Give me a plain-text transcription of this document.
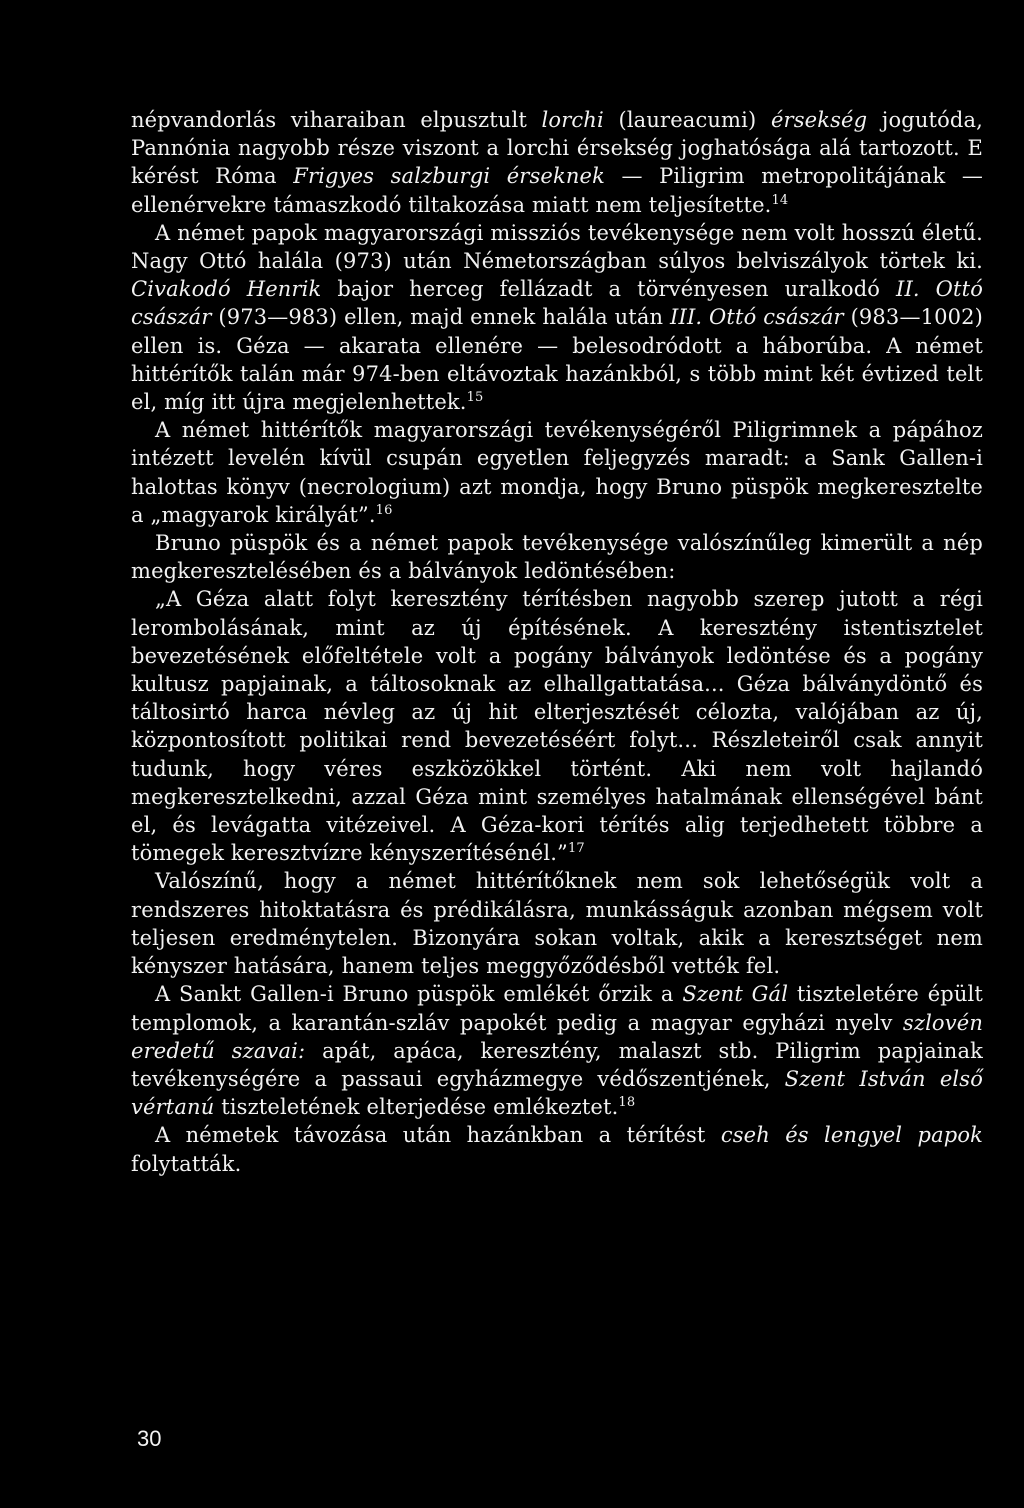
népvandorlás viharaiban elpusztult lorchi (laureacumi) érsekség jogutóda, Pannónia nagyobb része viszont a lorchi érsekség joghatósága alá tartozott. E kérést Róma Frigyes salzburgi érseknek — Piligrim metropolitájának — ellenérvekre támaszkodó tiltakozása miatt nem teljesítette.$^{14}$

A német papok magyarországi missziós tevékenysége nem volt hosszú életű. Nagy Ottó halála (973) után Németországban súlyos belviszályok törtek ki. Civakodó Henrik bajor herceg fellázadt a törvényesen uralkodó II. Ottó császár (973—983) ellen, majd ennek halála után III. Ottó császár (983—1002) ellen is. Géza — akarata ellenére — belesodródott a háborúba. A német hittérítők talán már 974-ben eltávoztak hazánkból, s több mint két évtized telt el, míg itt újra megjelenhettek.$^{15}$

A német hittérítők magyarországi tevékenységéről Piligrimnek a pápához intézett levelén kívül csupán egyetlen feljegyzés maradt: a Sank Gallen-i halottas könyv (necrologium) azt mondja, hogy Bruno püspök megkeresztelte a „magyarok királyát”.$^{16}$

Bruno püspök és a német papok tevékenysége valószínűleg kimerült a nép megkeresztelésében és a bálványok ledöntésében:

„A Géza alatt folyt keresztény térítésben nagyobb szerep jutott a régi lerombolásának, mint az új építésének. A keresztény istentisztelet bevezetésének előfeltétele volt a pogány bálványok ledöntése és a pogány kultusz papjainak, a táltosoknak az elhallgattatása... Géza bálványdöntő és táltosirtó harca névleg az új hit elterjesztését célozta, valójában az új, központosított politikai rend bevezetéséért folyt... Részleteiről csak annyit tudunk, hogy véres eszközökkel történt. Aki nem volt hajlandó megkeresztelkedni, azzal Géza mint személyes hatalmának ellenségével bánt el, és levágatta vitézeivel. A Géza-kori térítés alig terjedhetett többre a tömegek keresztvízre kényszerítésénél.”$^{17}$

Valószínű, hogy a német hittérítőknek nem sok lehetőségük volt a rendszeres hitoktatásra és prédikálásra, munkásságuk azonban mégsem volt teljesen eredménytelen. Bizonyára sokan voltak, akik a keresztséget nem kényszer hatására, hanem teljes meggyőződésből vették fel.

A Sankt Gallen-i Bruno püspök emlékét őrzik a Szent Gál tiszteletére épült templomok, a karantán-szláv papokét pedig a magyar egyházi nyelv szlovén eredetű szavai: apát, apáca, keresztény, malaszt stb. Piligrim papjainak tevékenységére a passaui egyházmegye védőszentjének, Szent István első vértanú tiszteletének elterjedése emlékeztet.$^{18}$

A németek távozása után hazánkban a térítést cseh és lengyel papok folytatták.

30
